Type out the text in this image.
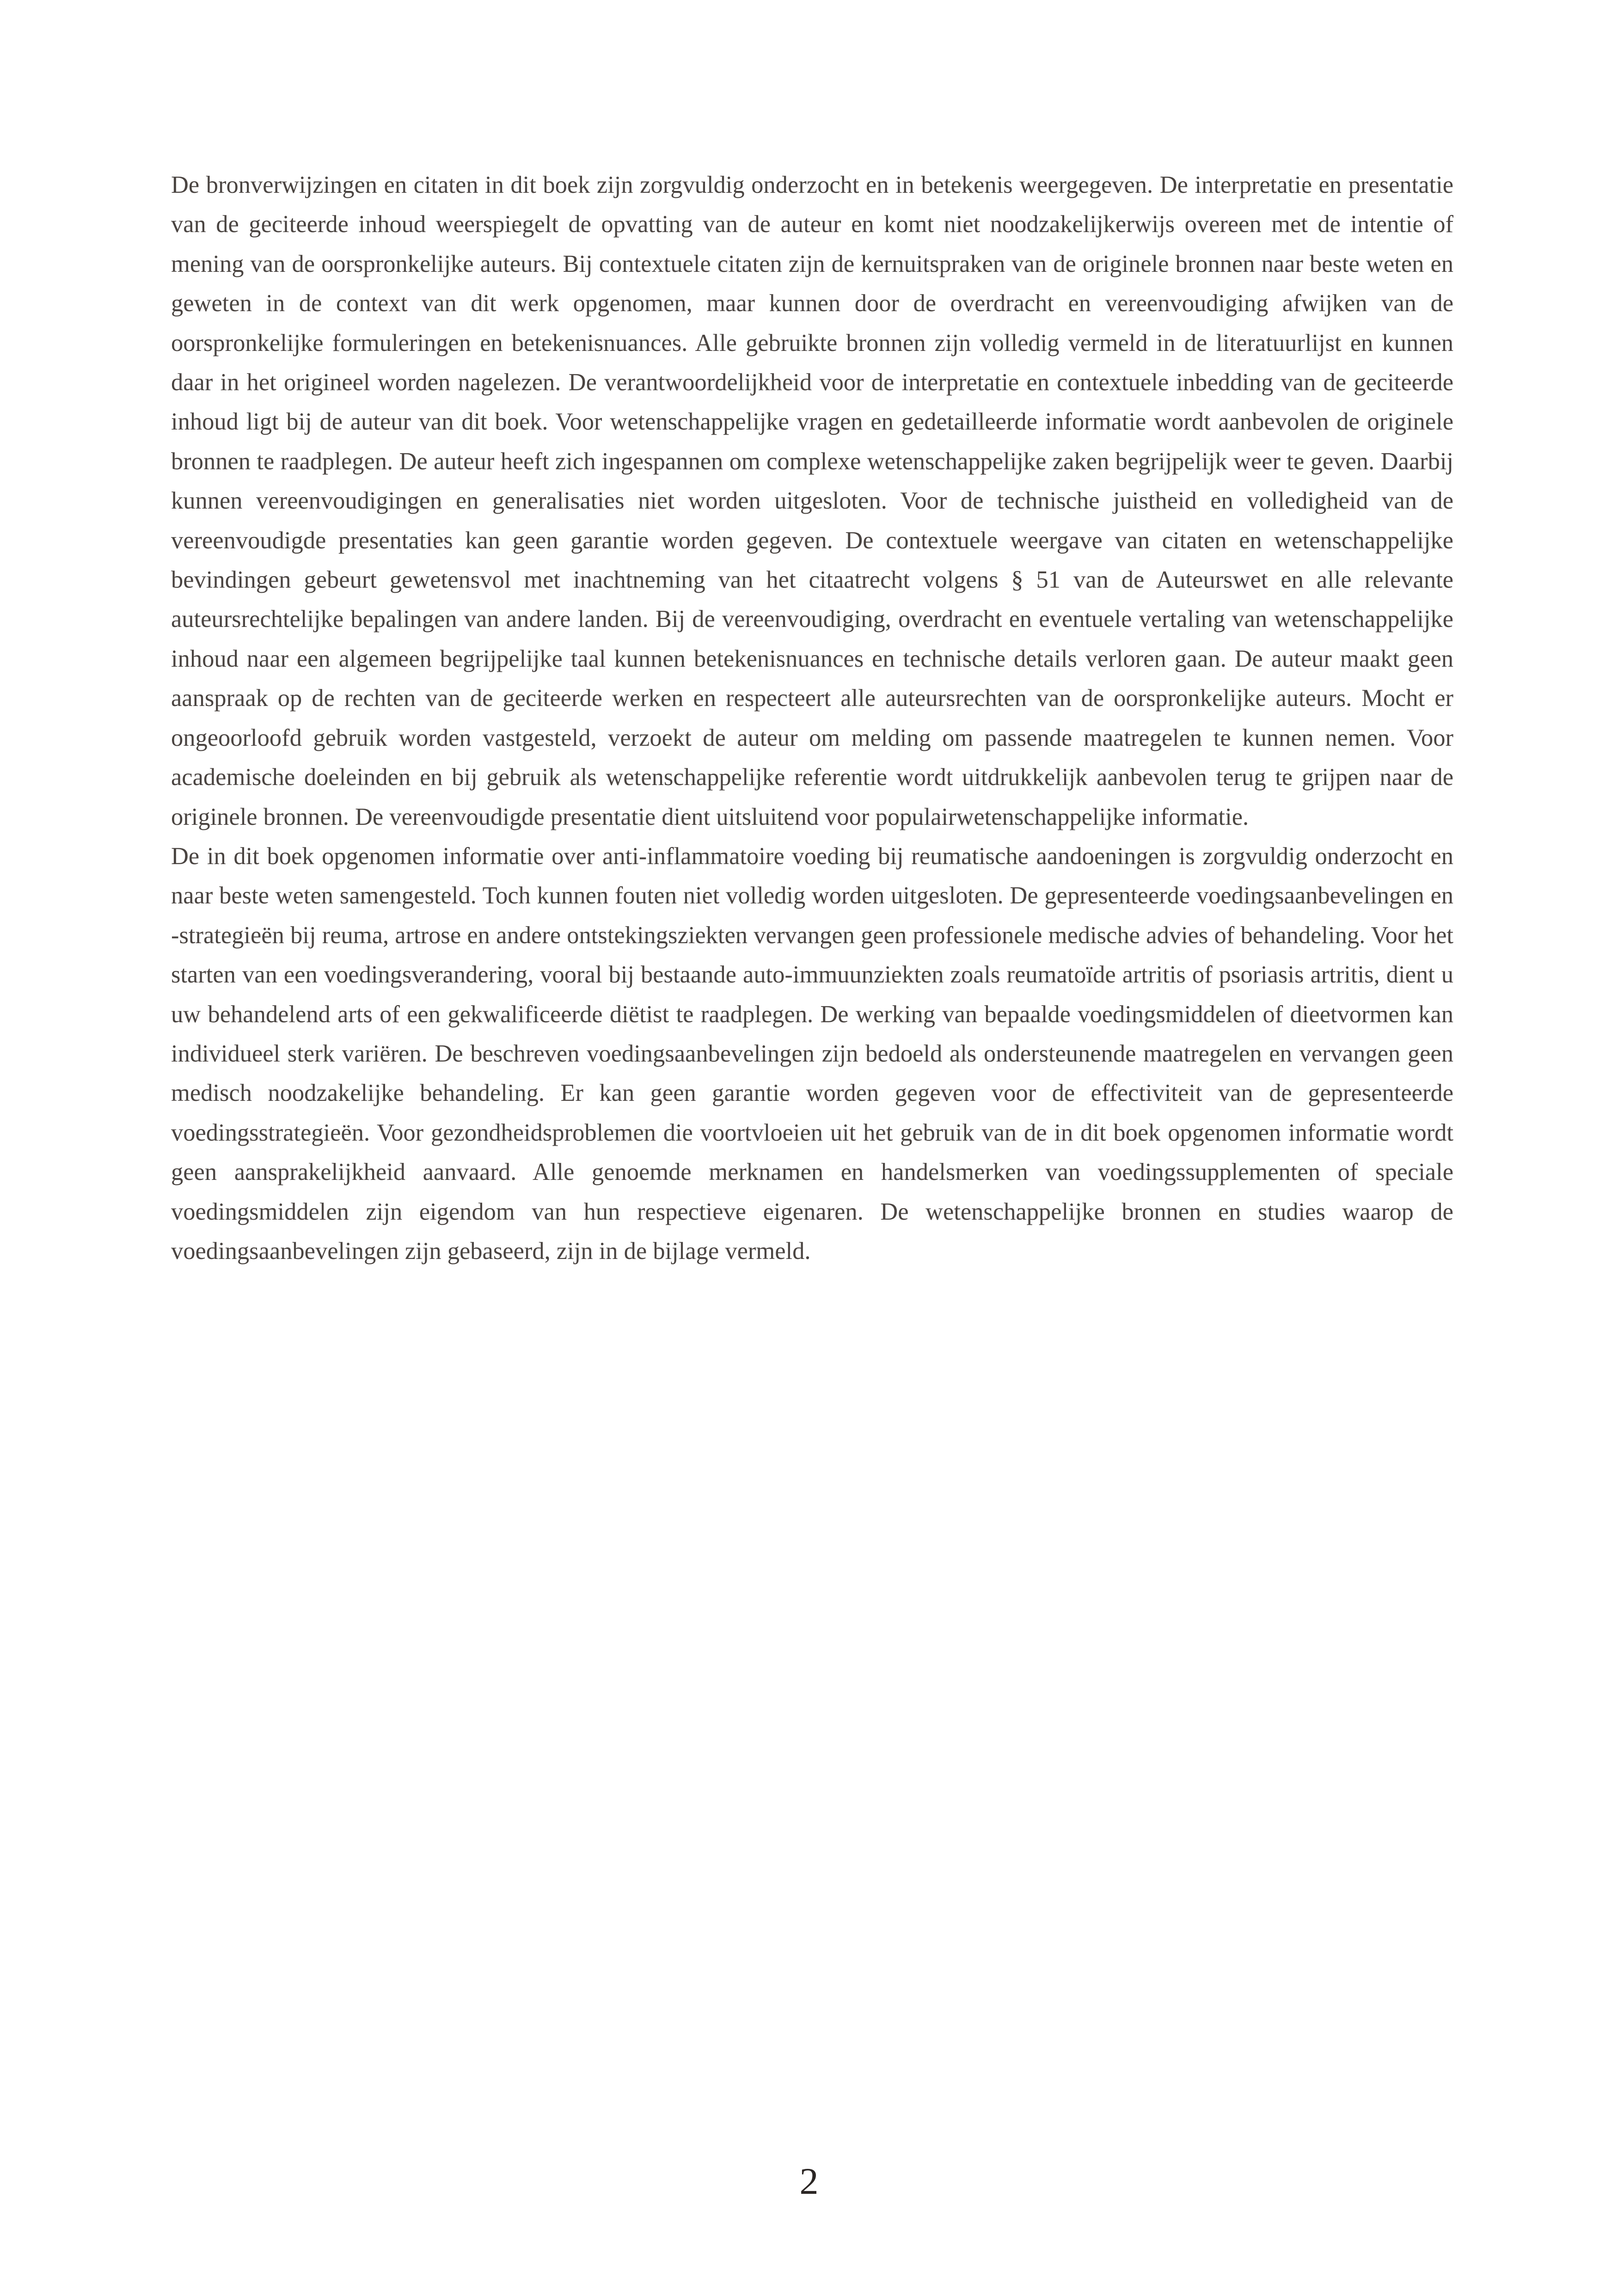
De bronverwijzingen en citaten in dit boek zijn zorgvuldig onderzocht en in betekenis weergegeven. De interpretatie en presentatie van de geciteerde inhoud weerspiegelt de opvatting van de auteur en komt niet noodzakelijkerwijs overeen met de intentie of mening van de oorspronkelijke auteurs. Bij contextuele citaten zijn de kernuitspraken van de originele bronnen naar beste weten en geweten in de context van dit werk opgenomen, maar kunnen door de overdracht en vereenvoudiging afwijken van de oorspronkelijke formuleringen en betekenisnuances. Alle gebruikte bronnen zijn volledig vermeld in de literatuurlijst en kunnen daar in het origineel worden nagelezen. De verantwoordelijkheid voor de interpretatie en contextuele inbedding van de geciteerde inhoud ligt bij de auteur van dit boek. Voor wetenschappelijke vragen en gedetailleerde informatie wordt aanbevolen de originele bronnen te raadplegen. De auteur heeft zich ingespannen om complexe wetenschappelijke zaken begrijpelijk weer te geven. Daarbij kunnen vereenvoudigingen en generalisaties niet worden uitgesloten. Voor de technische juistheid en volledigheid van de vereenvoudigde presentaties kan geen garantie worden gegeven. De contextuele weergave van citaten en wetenschappelijke bevindingen gebeurt gewetensvol met inachtneming van het citaatrecht volgens § 51 van de Auteurswet en alle relevante auteursrechtelijke bepalingen van andere landen. Bij de vereenvoudiging, overdracht en eventuele vertaling van wetenschappelijke inhoud naar een algemeen begrijpelijke taal kunnen betekenisnuances en technische details verloren gaan. De auteur maakt geen aanspraak op de rechten van de geciteerde werken en respecteert alle auteursrechten van de oorspronkelijke auteurs. Mocht er ongeoorloofd gebruik worden vastgesteld, verzoekt de auteur om melding om passende maatregelen te kunnen nemen. Voor academische doeleinden en bij gebruik als wetenschappelijke referentie wordt uitdrukkelijk aanbevolen terug te grijpen naar de originele bronnen. De vereenvoudigde presentatie dient uitsluitend voor populairwetenschappelijke informatie.

De in dit boek opgenomen informatie over anti-inflammatoire voeding bij reumatische aandoeningen is zorgvuldig onderzocht en naar beste weten samengesteld. Toch kunnen fouten niet volledig worden uitgesloten. De gepresenteerde voedingsaanbevelingen en -strategieën bij reuma, artrose en andere ontstekingsziekten vervangen geen professionele medische advies of behandeling. Voor het starten van een voedingsverandering, vooral bij bestaande auto-immuunziekten zoals reumatoïde artritis of psoriasis artritis, dient u uw behandelend arts of een gekwalificeerde diëtist te raadplegen. De werking van bepaalde voedingsmiddelen of dieetvormen kan individueel sterk variëren. De beschreven voedingsaanbevelingen zijn bedoeld als ondersteunende maatregelen en vervangen geen medisch noodzakelijke behandeling. Er kan geen garantie worden gegeven voor de effectiviteit van de gepresenteerde voedingsstrategieën. Voor gezondheidsproblemen die voortvloeien uit het gebruik van de in dit boek opgenomen informatie wordt geen aansprakelijkheid aanvaard. Alle genoemde merknamen en handelsmerken van voedingssupplementen of speciale voedingsmiddelen zijn eigendom van hun respectieve eigenaren. De wetenschappelijke bronnen en studies waarop de voedingsaanbevelingen zijn gebaseerd, zijn in de bijlage vermeld.

2
